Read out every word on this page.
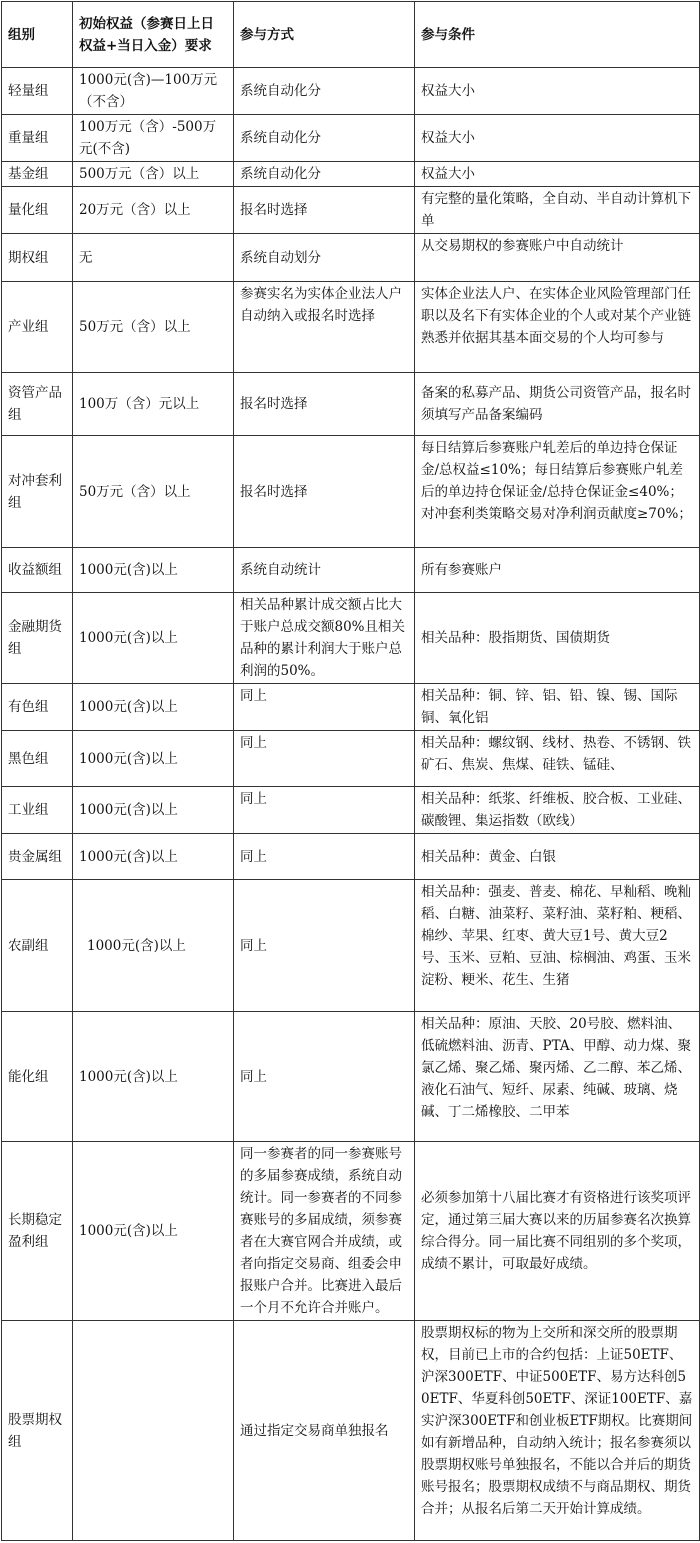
组别	初始权益（参赛日上日权益+当日入金）要求	参与方式	参与条件
轻量组	1000元(含)—100万元（不含）	系统自动化分	权益大小
重量组	100万元（含）-500万元(不含)	系统自动化分	权益大小
基金组	500万元（含）以上	系统自动化分	权益大小
量化组	20万元（含）以上	报名时选择	有完整的量化策略，全自动、半自动计算机下单
期权组	无	系统自动划分	从交易期权的参赛账户中自动统计
产业组	50万元（含）以上	参赛实名为实体企业法人户自动纳入或报名时选择	实体企业法人户、在实体企业风险管理部门任职以及名下有实体企业的个人或对某个产业链熟悉并依据其基本面交易的个人均可参与
资管产品组	100万（含）元以上	报名时选择	备案的私募产品、期货公司资管产品，报名时须填写产品备案编码
对冲套利组	50万元（含）以上	报名时选择	每日结算后参赛账户轧差后的单边持仓保证金/总权益≤10%；每日结算后参赛账户轧差后的单边持仓保证金/总持仓保证金≤40%；对冲套利类策略交易对净利润贡献度≥70%；
收益额组	1000元(含)以上	系统自动统计	所有参赛账户
金融期货组	1000元(含)以上	相关品种累计成交额占比大于账户总成交额80%且相关品种的累计利润大于账户总利润的50%。	相关品种：股指期货、国债期货
有色组	1000元(含)以上	同上	相关品种：铜、锌、铝、铅、镍、锡、国际铜、氧化铝
黑色组	1000元(含)以上	同上	相关品种：螺纹钢、线材、热卷、不锈钢、铁矿石、焦炭、焦煤、硅铁、锰硅、
工业组	1000元(含)以上	同上	相关品种：纸浆、纤维板、胶合板、工业硅、碳酸锂、集运指数（欧线）
贵金属组	1000元(含)以上	同上	相关品种：黄金、白银
农副组	1000元(含)以上	同上	相关品种：强麦、普麦、棉花、早籼稻、晚籼稻、白糖、油菜籽、菜籽油、菜籽粕、粳稻、棉纱、苹果、红枣、黄大豆1号、黄大豆2号、玉米、豆粕、豆油、棕榈油、鸡蛋、玉米淀粉、粳米、花生、生猪
能化组	1000元(含)以上	同上	相关品种：原油、天胶、20号胶、燃料油、低硫燃料油、沥青、PTA、甲醇、动力煤、聚氯乙烯、聚乙烯、聚丙烯、乙二醇、苯乙烯、液化石油气、短纤、尿素、纯碱、玻璃、烧碱、丁二烯橡胶、二甲苯
长期稳定盈利组	1000元(含)以上	同一参赛者的同一参赛账号的多届参赛成绩，系统自动统计。同一参赛者的不同参赛账号的多届成绩，须参赛者在大赛官网合并成绩，或者向指定交易商、组委会申报账户合并。比赛进入最后一个月不允许合并账户。	必须参加第十八届比赛才有资格进行该奖项评定，通过第三届大赛以来的历届参赛名次换算综合得分。同一届比赛不同组别的多个奖项，成绩不累计，可取最好成绩。
股票期权组		通过指定交易商单独报名	股票期权标的物为上交所和深交所的股票期权，目前已上市的合约包括：上证50ETF、沪深300ETF、中证500ETF、易方达科创50ETF、华夏科创50ETF、深证100ETF、嘉实沪深300ETF和创业板ETF期权。比赛期间如有新增品种，自动纳入统计；报名参赛须以股票期权账号单独报名，不能以合并后的期货账号报名；股票期权成绩不与商品期权、期货合并；从报名后第二天开始计算成绩。
